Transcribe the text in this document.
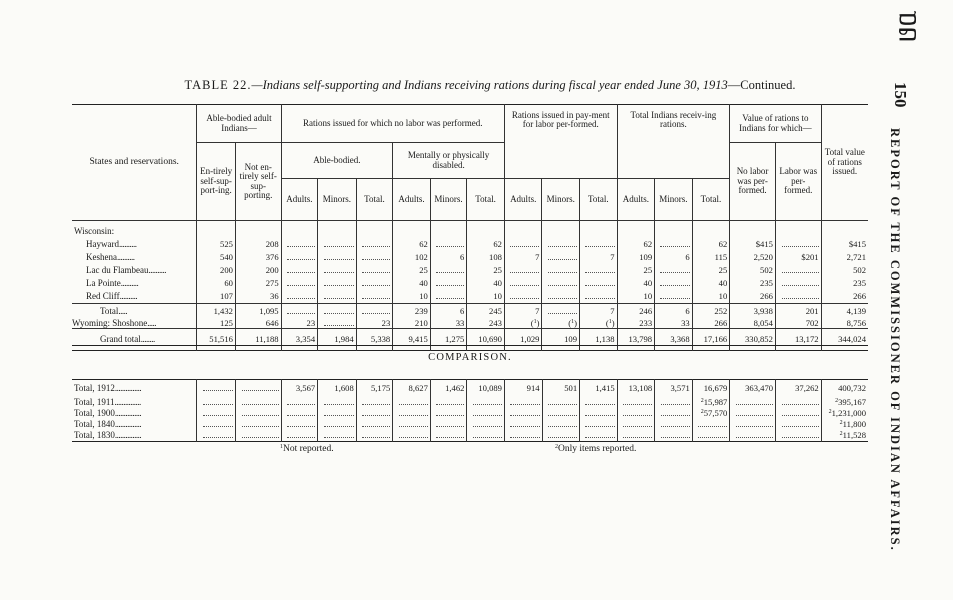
ᥳᥲ
150
REPORT OF THE COMMISSIONER OF INDIAN AFFAIRS.
TABLE 22.—Indians self-supporting and Indians receiving rations during fiscal year ended June 30, 1913—Continued.
States and reservations.	Able-bodied adult Indians—		Rations issued for which no labor was performed.						Rations issued in pay-ment for labor per-formed.			Total Indians receiv-ing rations.			Value of rations to Indians for which—		Total value of rations issued.
	En-tirely self-sup-port-ing.	Not en-tirely self-sup-porting.	Able-bodied.			Mentally or physically disabled.									No labor was per-formed.	Labor was per-formed.	
			Adults.	Minors.	Total.	Adults.	Minors.	Total.	Adults.	Minors.	Total.	Adults.	Minors.	Total.			
Wisconsin:																	
Hayward..........	525	208				62		62				62		62	$415		$415
Keshena..........	540	376				102	6	108	7		7	109	6	115	2,520	$201	2,721
Lac du Flambeau..........	200	200				25		25				25		25	502		502
La Pointe..........	60	275				40		40				40		40	235		235
Red Cliff..........	107	36				10		10				10		10	266		266
Total.....	1,432	1,095				239	6	245	7		7	246	6	252	3,938	201	4,139
Wyoming: Shoshone.....	125	646	23		23	210	33	243	($^1$)	($^1$)	($^1$)	233	33	266	8,054	702	8,756
Grand total........	51,516	11,188	3,354	1,984	5,338	9,415	1,275	10,690	1,029	109	1,138	13,798	3,368	17,166	330,852	13,172	344,024
COMPARISON.
Total, 1912...............			3,567	1,608	5,175	8,627	1,462	10,089	914	501	1,415	13,108	3,571	16,679	363,470	37,262	400,732
Total, 1911...............														$^2$15,987			$^2$395,167
Total, 1900...............														$^2$57,570			$^2$1,231,000
Total, 1840...............																	$^2$11,800
Total, 1830...............																	$^2$11,528
$^1$Not reported.	$^2$Only items reported.
